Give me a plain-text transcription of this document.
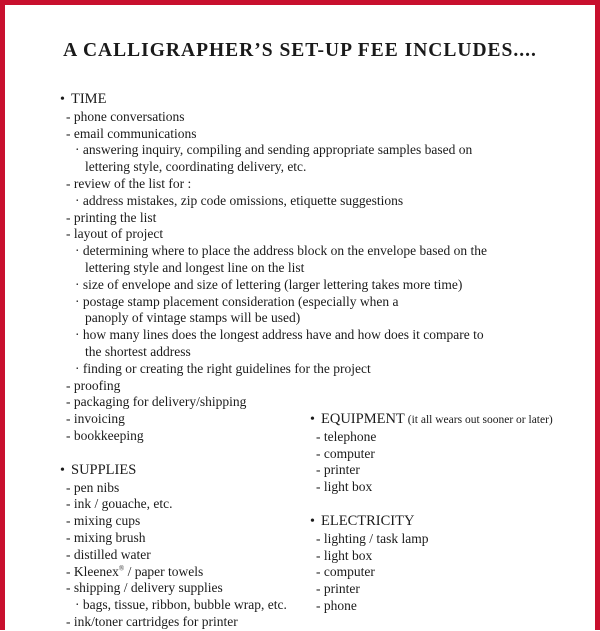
A CALLIGRAPHER’S SET-UP FEE INCLUDES....
• TIME
- phone conversations
- email communications
· answering inquiry, compiling and sending appropriate samples based on
lettering style, coordinating delivery, etc.
- review of the list for :
· address mistakes, zip code omissions, etiquette suggestions
- printing the list
- layout of project
· determining where to place the address block on the envelope based on the
lettering style and longest line on the list
· size of envelope and size of lettering (larger lettering takes more time)
· postage stamp placement consideration (especially when a
panoply of vintage stamps will be used)
· how many lines does the longest address have and how does it compare to
the shortest address
· finding or creating the right guidelines for the project
- proofing
- packaging for delivery/shipping
- invoicing
- bookkeeping
• SUPPLIES
- pen nibs
- ink / gouache, etc.
- mixing cups
- mixing brush
- distilled water
- Kleenex® / paper towels
- shipping / delivery supplies
· bags, tissue, ribbon, bubble wrap, etc.
- ink/toner cartridges for printer
• EQUIPMENT (it all wears out sooner or later)
- telephone
- computer
- printer
- light box
• ELECTRICITY
- lighting / task lamp
- light box
- computer
- printer
- phone
